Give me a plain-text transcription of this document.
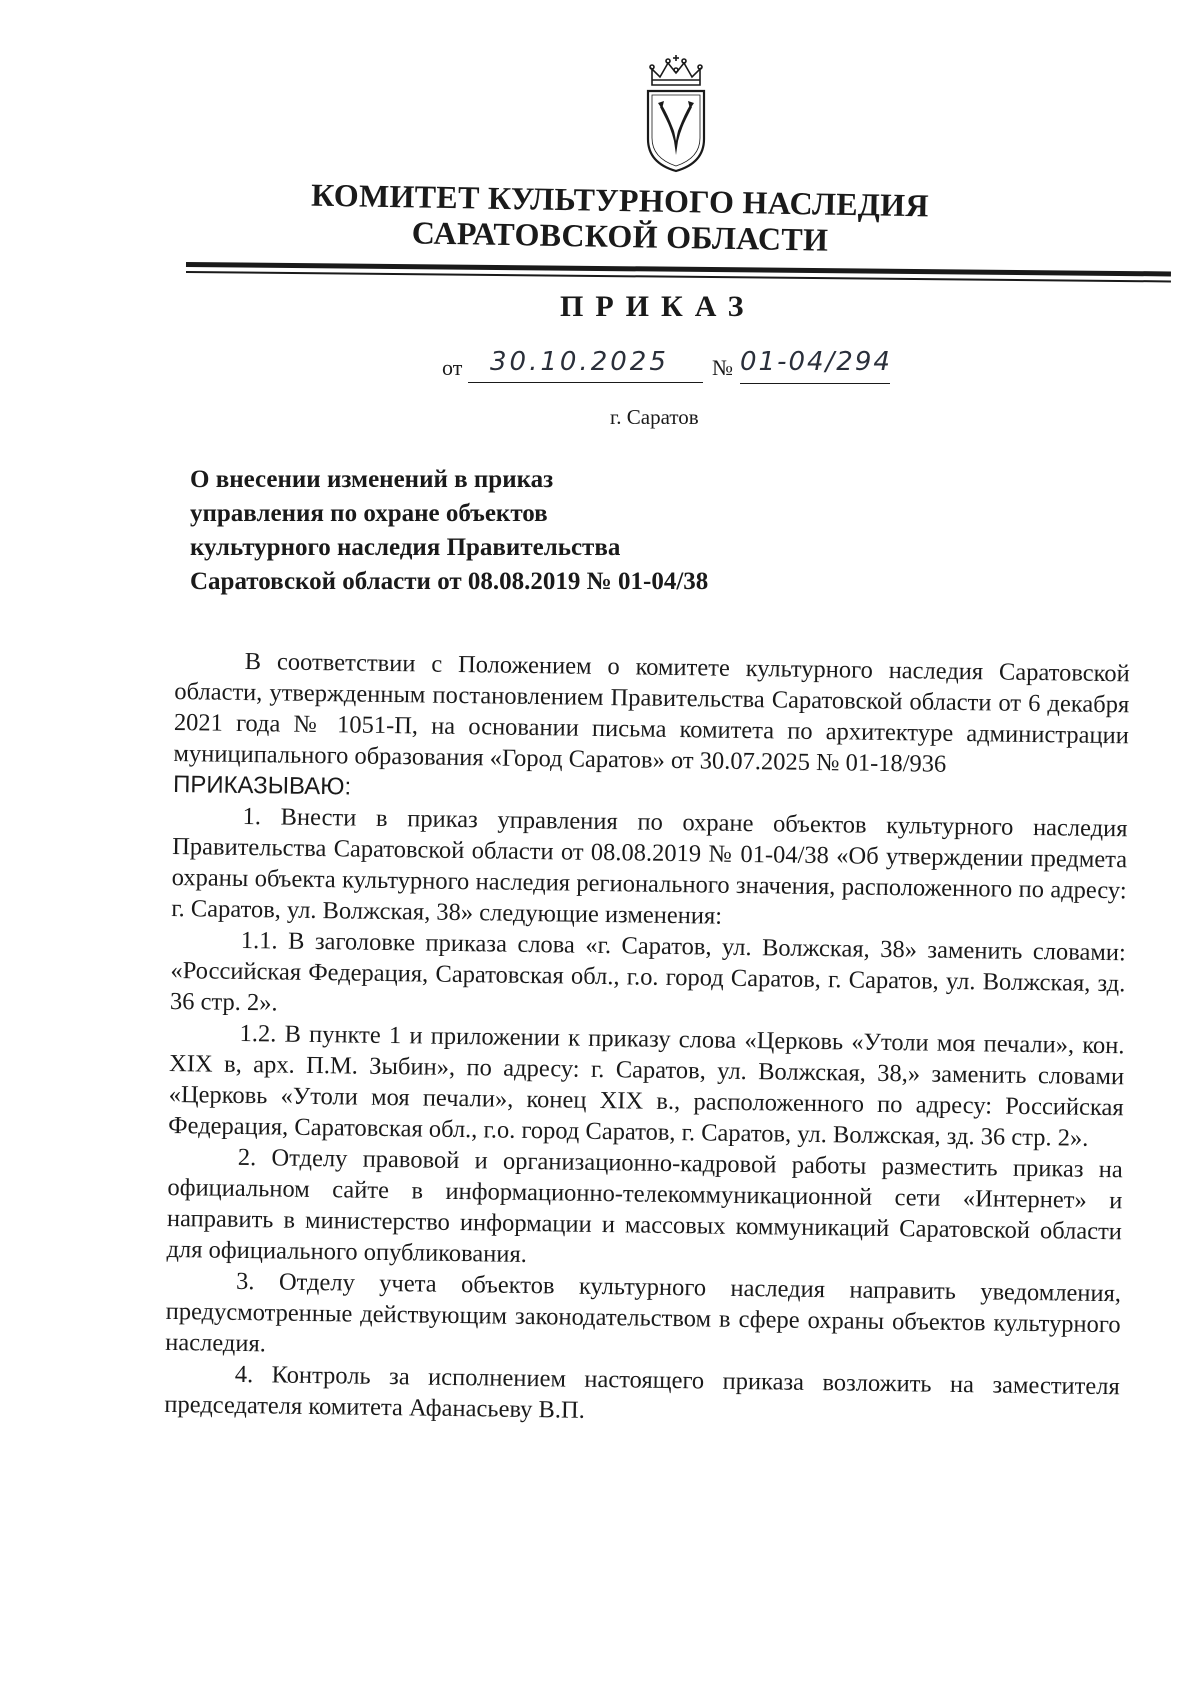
КОМИТЕТ КУЛЬТУРНОГО НАСЛЕДИЯ
САРАТОВСКОЙ ОБЛАСТИ
ПРИКАЗ
от 30.10.2025 № 01-04/294
г. Саратов
О внесении изменений в приказ
управления по охране объектов
культурного наследия Правительства
Саратовской области от 08.08.2019 № 01-04/38

В соответствии с Положением о комитете культурного наследия Саратовской области, утвержденным постановлением Правительства Саратовской области от 6 декабря 2021 года № 1051-П, на основании письма комитета по архитектуре администрации муниципального образования «Город Саратов» от 30.07.2025 № 01-18/936

ПРИКАЗЫВАЮ:

1. Внести в приказ управления по охране объектов культурного наследия Правительства Саратовской области от 08.08.2019 № 01-04/38 «Об утверждении предмета охраны объекта культурного наследия регионального значения, расположенного по адресу: г. Саратов, ул. Волжская, 38» следующие изменения:

1.1. В заголовке приказа слова «г. Саратов, ул. Волжская, 38» заменить словами: «Российская Федерация, Саратовская обл., г.о. город Саратов, г. Саратов, ул. Волжская, зд. 36 стр. 2».

1.2. В пункте 1 и приложении к приказу слова «Церковь «Утоли моя печали», кон. XIX в, арх. П.М. Зыбин», по адресу: г. Саратов, ул. Волжская, 38,» заменить словами «Церковь «Утоли моя печали», конец XIX в., расположенного по адресу: Российская Федерация, Саратовская обл., г.о. город Саратов, г. Саратов, ул. Волжская, зд. 36 стр. 2».

2. Отделу правовой и организационно-кадровой работы разместить приказ на официальном сайте в информационно-телекоммуникационной сети «Интернет» и направить в министерство информации и массовых коммуникаций Саратовской области для официального опубликования.

3. Отделу учета объектов культурного наследия направить уведомления, предусмотренные действующим законодательством в сфере охраны объектов культурного наследия.

4. Контроль за исполнением настоящего приказа возложить на заместителя председателя комитета Афанасьеву В.П.
